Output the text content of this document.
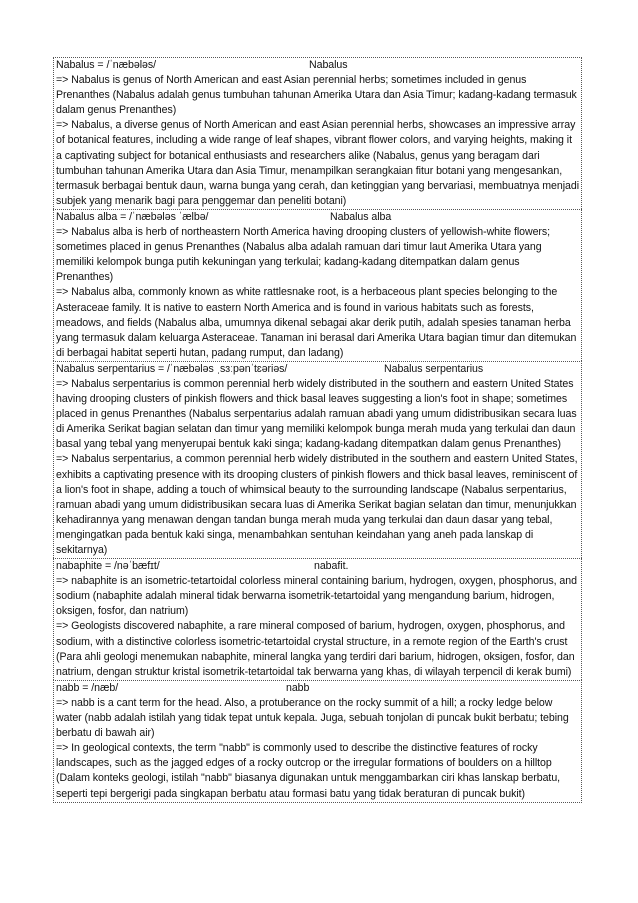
Nabalus = /ˈnæbələs/	Nabalus

=> Nabalus is genus of North American and east Asian perennial herbs; sometimes included in genus Prenanthes (Nabalus adalah genus tumbuhan tahunan Amerika Utara dan Asia Timur; kadang-kadang termasuk dalam genus Prenanthes)

=> Nabalus, a diverse genus of North American and east Asian perennial herbs, showcases an impressive array of botanical features, including a wide range of leaf shapes, vibrant flower colors, and varying heights, making it a captivating subject for botanical enthusiasts and researchers alike (Nabalus, genus yang beragam dari tumbuhan tahunan Amerika Utara dan Asia Timur, menampilkan serangkaian fitur botani yang mengesankan, termasuk berbagai bentuk daun, warna bunga yang cerah, dan ketinggian yang bervariasi, membuatnya menjadi subjek yang menarik bagi para penggemar dan peneliti botani)

Nabalus alba = /ˈnæbələs ˈælbə/	Nabalus alba

=> Nabalus alba is herb of northeastern North America having drooping clusters of yellowish-white flowers; sometimes placed in genus Prenanthes (Nabalus alba adalah ramuan dari timur laut Amerika Utara yang memiliki kelompok bunga putih kekuningan yang terkulai; kadang-kadang ditempatkan dalam genus Prenanthes)

=> Nabalus alba, commonly known as white rattlesnake root, is a herbaceous plant species belonging to the Asteraceae family. It is native to eastern North America and is found in various habitats such as forests, meadows, and fields (Nabalus alba, umumnya dikenal sebagai akar derik putih, adalah spesies tanaman herba yang termasuk dalam keluarga Asteraceae. Tanaman ini berasal dari Amerika Utara bagian timur dan ditemukan di berbagai habitat seperti hutan, padang rumput, dan ladang)

Nabalus serpentarius = /ˈnæbələs ˌsɜːpənˈtɛəriəs/	Nabalus serpentarius

=> Nabalus serpentarius is common perennial herb widely distributed in the southern and eastern United States having drooping clusters of pinkish flowers and thick basal leaves suggesting a lion's foot in shape; sometimes placed in genus Prenanthes (Nabalus serpentarius adalah ramuan abadi yang umum didistribusikan secara luas di Amerika Serikat bagian selatan dan timur yang memiliki kelompok bunga merah muda yang terkulai dan daun basal yang tebal yang menyerupai bentuk kaki singa; kadang-kadang ditempatkan dalam genus Prenanthes)

=> Nabalus serpentarius, a common perennial herb widely distributed in the southern and eastern United States, exhibits a captivating presence with its drooping clusters of pinkish flowers and thick basal leaves, reminiscent of a lion's foot in shape, adding a touch of whimsical beauty to the surrounding landscape (Nabalus serpentarius, ramuan abadi yang umum didistribusikan secara luas di Amerika Serikat bagian selatan dan timur, menunjukkan kehadirannya yang menawan dengan tandan bunga merah muda yang terkulai dan daun dasar yang tebal, mengingatkan pada bentuk kaki singa, menambahkan sentuhan keindahan yang aneh pada lanskap di sekitarnya)

nabaphite = /nəˈbæfɪt/	nabafit.

=> nabaphite is an isometric-tetartoidal colorless mineral containing barium, hydrogen, oxygen, phosphorus, and sodium (nabaphite adalah mineral tidak berwarna isometrik-tetartoidal yang mengandung barium, hidrogen, oksigen, fosfor, dan natrium)

=> Geologists discovered nabaphite, a rare mineral composed of barium, hydrogen, oxygen, phosphorus, and sodium, with a distinctive colorless isometric-tetartoidal crystal structure, in a remote region of the Earth's crust (Para ahli geologi menemukan nabaphite, mineral langka yang terdiri dari barium, hidrogen, oksigen, fosfor, dan natrium, dengan struktur kristal isometrik-tetartoidal tak berwarna yang khas, di wilayah terpencil di kerak bumi)

nabb = /næb/	nabb

=> nabb is a cant term for the head. Also, a protuberance on the rocky summit of a hill; a rocky ledge below water (nabb adalah istilah yang tidak tepat untuk kepala. Juga, sebuah tonjolan di puncak bukit berbatu; tebing berbatu di bawah air)

=> In geological contexts, the term "nabb" is commonly used to describe the distinctive features of rocky landscapes, such as the jagged edges of a rocky outcrop or the irregular formations of boulders on a hilltop (Dalam konteks geologi, istilah "nabb" biasanya digunakan untuk menggambarkan ciri khas lanskap berbatu, seperti tepi bergerigi pada singkapan berbatu atau formasi batu yang tidak beraturan di puncak bukit)
